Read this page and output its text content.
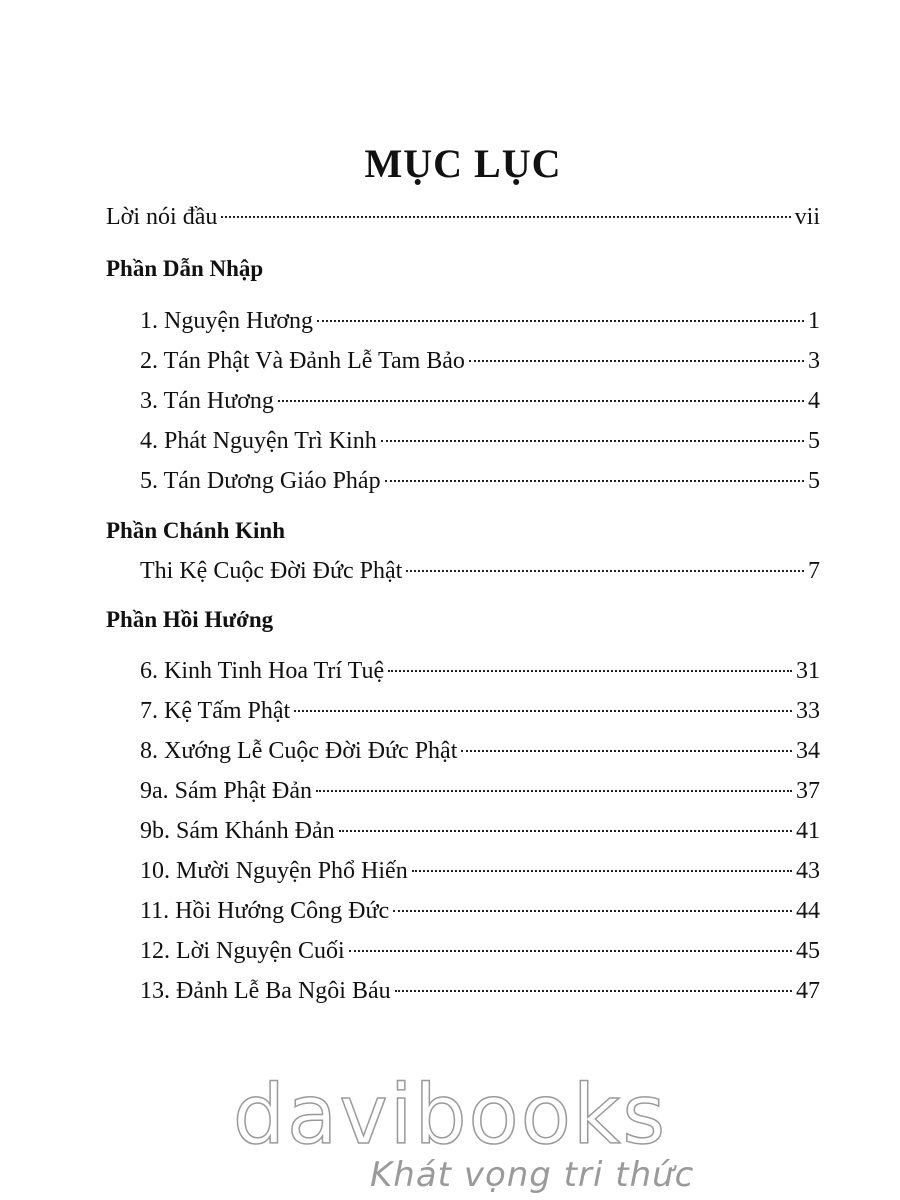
MỤC LỤC
Lời nói đầu	vii
Phần Dẫn Nhập
1. Nguyện Hương	1
2. Tán Phật Và Đảnh Lễ Tam Bảo	3
3. Tán Hương	4
4. Phát Nguyện Trì Kinh	5
5. Tán Dương Giáo Pháp	5
Phần Chánh Kinh
Thi Kệ Cuộc Đời Đức Phật	7
Phần Hồi Hướng
6. Kinh Tinh Hoa Trí Tuệ	31
7. Kệ Tấm Phật	33
8. Xướng Lễ Cuộc Đời Đức Phật	34
9a. Sám Phật Đản	37
9b. Sám Khánh Đản	41
10. Mười Nguyện Phổ Hiến	43
11. Hồi Hướng Công Đức	44
12. Lời Nguyện Cuối	45
13. Đảnh Lễ Ba Ngôi Báu	47
davibooks
Khát vọng tri thức
